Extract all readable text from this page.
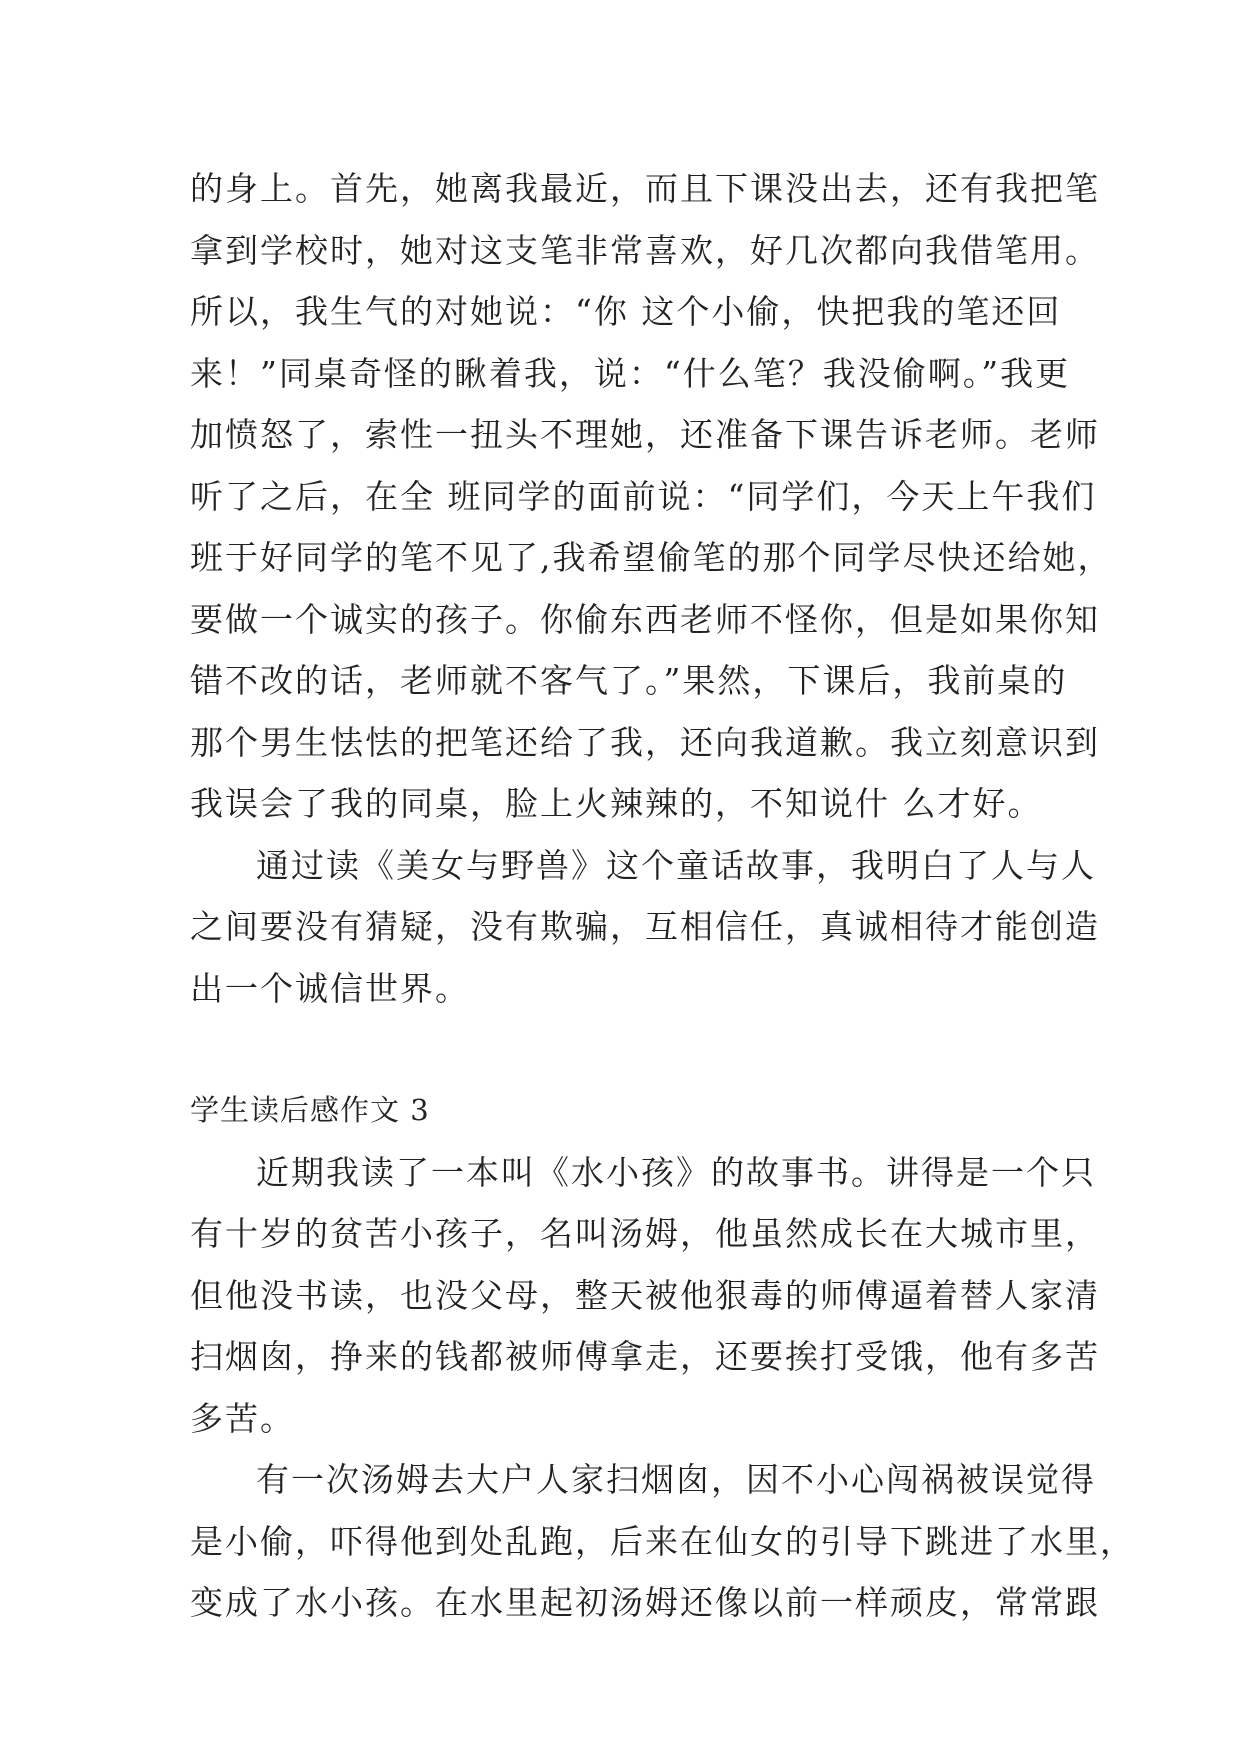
的身上。首先，她离我最近，而且下课没出去，还有我把笔
拿到学校时，她对这支笔非常喜欢，好几次都向我借笔用。
所以，我生气的对她说：“你 这个小偷，快把我的笔还回
来！”同桌奇怪的瞅着我，说：“什么笔？我没偷啊。”我更
加愤怒了，索性一扭头不理她，还准备下课告诉老师。老师
听了之后，在全 班同学的面前说：“同学们，今天上午我们
班于好同学的笔不见了,我希望偷笔的那个同学尽快还给她，
要做一个诚实的孩子。你偷东西老师不怪你，但是如果你知
错不改的话，老师就不客气了。”果然，下课后，我前桌的
那个男生怯怯的把笔还给了我，还向我道歉。我立刻意识到
我误会了我的同桌，脸上火辣辣的，不知说什 么才好。
通过读《美女与野兽》这个童话故事，我明白了人与人
之间要没有猜疑，没有欺骗，互相信任，真诚相待才能创造
出一个诚信世界。
学生读后感作文 3
近期我读了一本叫《水小孩》的故事书。讲得是一个只
有十岁的贫苦小孩子，名叫汤姆，他虽然成长在大城市里，
但他没书读，也没父母，整天被他狠毒的师傅逼着替人家清
扫烟囱，挣来的钱都被师傅拿走，还要挨打受饿，他有多苦
多苦。
有一次汤姆去大户人家扫烟囱，因不小心闯祸被误觉得
是小偷，吓得他到处乱跑，后来在仙女的引导下跳进了水里，
变成了水小孩。在水里起初汤姆还像以前一样顽皮，常常跟
